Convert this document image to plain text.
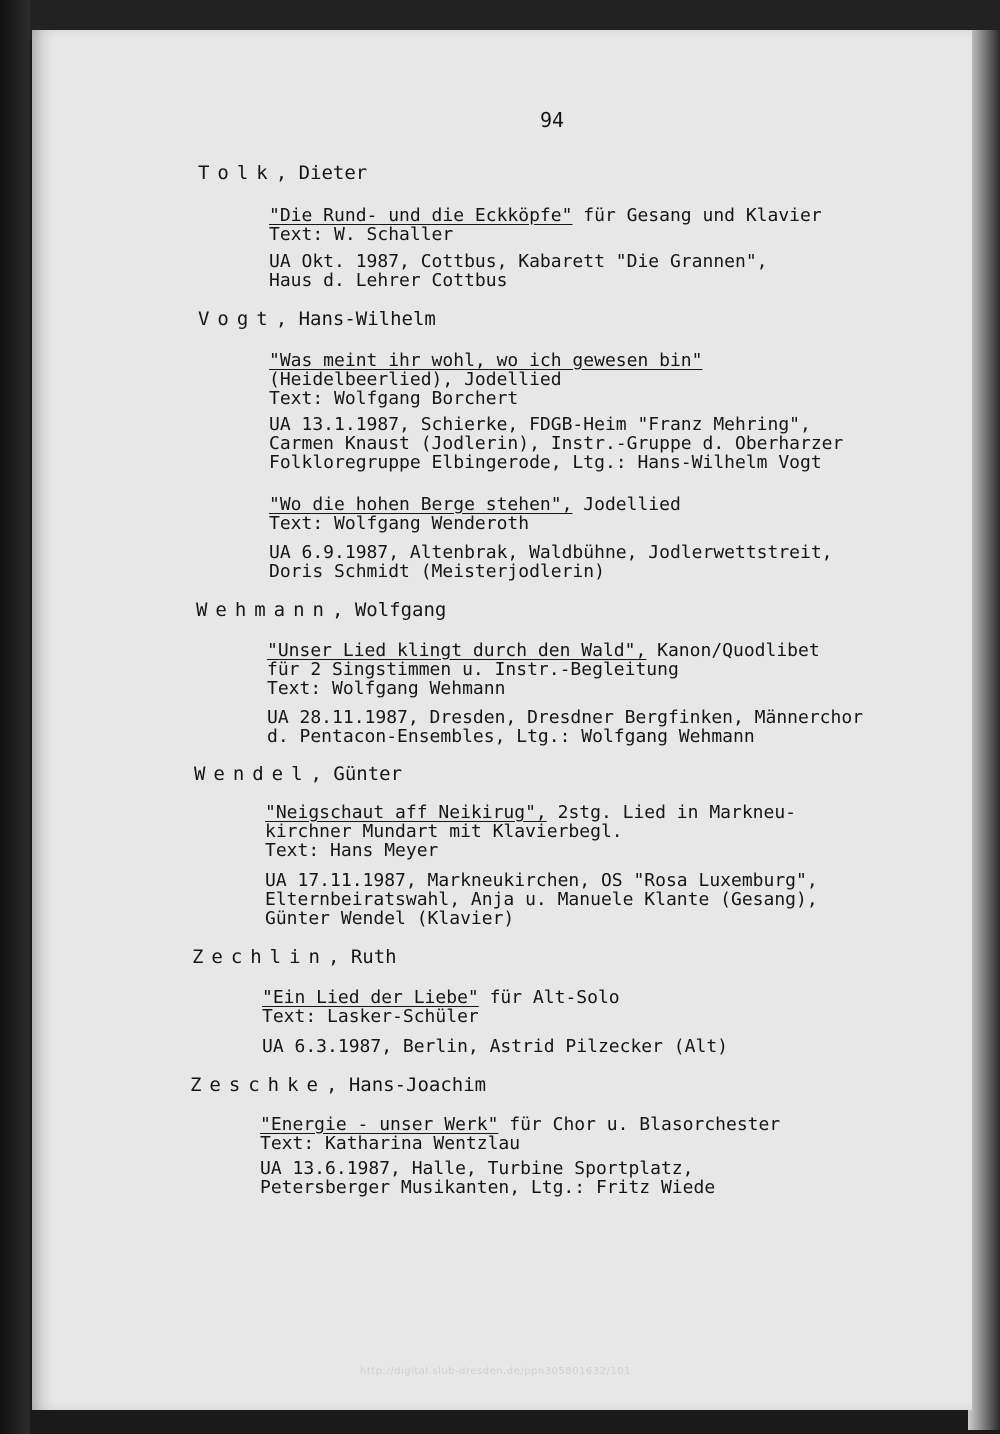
94
Tolk, Dieter
"Die Rund- und die Eckköpfe" für Gesang und Klavier
Text: W. Schaller
UA Okt. 1987, Cottbus, Kabarett "Die Grannen",
Haus d. Lehrer Cottbus
Vogt, Hans-Wilhelm
"Was meint ihr wohl, wo ich gewesen bin"
(Heidelbeerlied), Jodellied
Text: Wolfgang Borchert
UA 13.1.1987, Schierke, FDGB-Heim "Franz Mehring",
Carmen Knaust (Jodlerin), Instr.-Gruppe d. Oberharzer
Folkloregruppe Elbingerode, Ltg.: Hans-Wilhelm Vogt
"Wo die hohen Berge stehen", Jodellied
Text: Wolfgang Wenderoth
UA 6.9.1987, Altenbrak, Waldbühne, Jodlerwettstreit,
Doris Schmidt (Meisterjodlerin)
Wehmann, Wolfgang
"Unser Lied klingt durch den Wald", Kanon/Quodlibet
für 2 Singstimmen u. Instr.-Begleitung
Text: Wolfgang Wehmann
UA 28.11.1987, Dresden, Dresdner Bergfinken, Männerchor
d. Pentacon-Ensembles, Ltg.: Wolfgang Wehmann
Wendel, Günter
"Neigschaut aff Neikirug", 2stg. Lied in Markneu-
kirchner Mundart mit Klavierbegl.
Text: Hans Meyer
UA 17.11.1987, Markneukirchen, OS "Rosa Luxemburg",
Elternbeiratswahl, Anja u. Manuele Klante (Gesang),
Günter Wendel (Klavier)
Zechlin, Ruth
"Ein Lied der Liebe" für Alt-Solo
Text: Lasker-Schüler
UA 6.3.1987, Berlin, Astrid Pilzecker (Alt)
Zeschke, Hans-Joachim
"Energie - unser Werk" für Chor u. Blasorchester
Text: Katharina Wentzlau
UA 13.6.1987, Halle, Turbine Sportplatz,
Petersberger Musikanten, Ltg.: Fritz Wiede
http://digital.slub-dresden.de/ppn305801632/101
